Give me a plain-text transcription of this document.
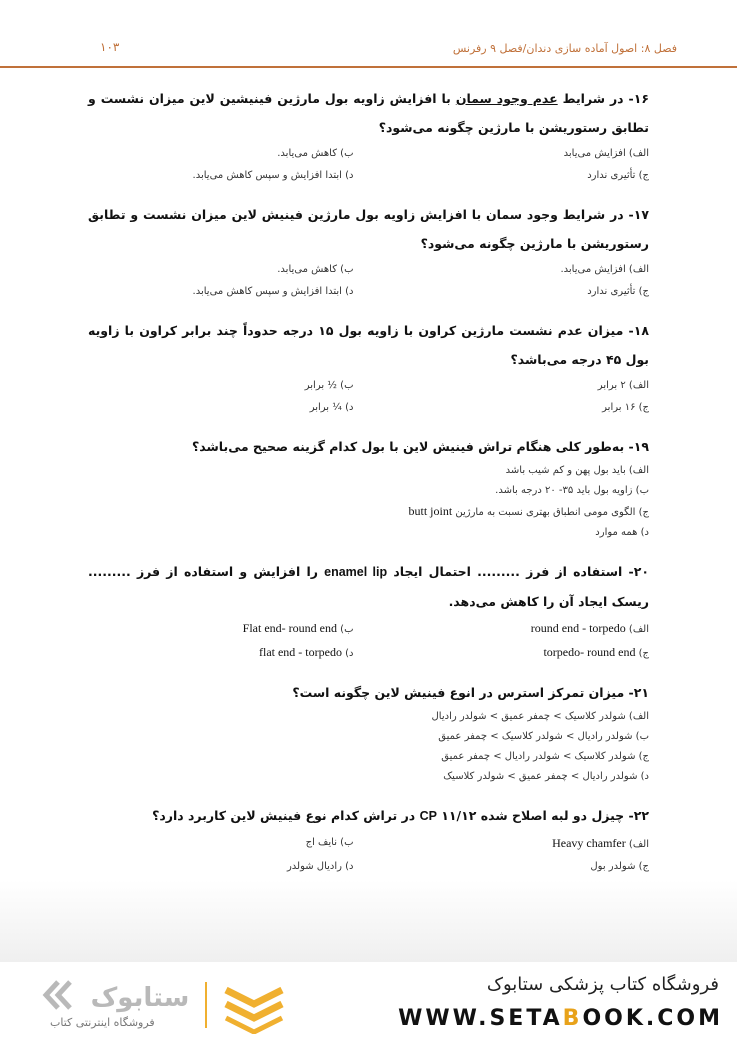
فصل ۸: اصول آماده سازی دندان/فصل ۹ رفرنس
۱۰۳
۱۶- در شرایط عدم وجود سمان با افزایش زاویه بول مارژین فینیشین لاین میزان نشست و تطابق رستوریشن با مارژین چگونه می‌شود؟
الف) افزایش می‌یابد
ب) کاهش می‌یابد.
ج) تأثیری ندارد
د) ابتدا افزایش و سپس کاهش می‌یابد.
۱۷- در شرایط وجود سمان با افزایش زاویه بول مارژین فینیش لاین میزان نشست و تطابق رستوریشن با مارژین چگونه می‌شود؟
الف) افزایش می‌یابد.
ب) کاهش می‌یابد.
ج) تأثیری ندارد
د) ابتدا افزایش و سپس کاهش می‌یابد.
۱۸- میزان عدم نشست مارژین کراون با زاویه بول ۱۵ درجه حدوداً چند برابر کراون با زاویه بول ۴۵ درجه می‌باشد؟
الف) ۲ برابر
ب) ½ برابر
ج) ۱۶ برابر
د) ¼ برابر
۱۹- به‌طور کلی هنگام تراش فینیش لاین با بول کدام گزینه صحیح می‌باشد؟
الف) باید بول پهن و کم شیب باشد
ب) زاویه بول باید ۳۵- ۲۰ درجه باشد.
ج) الگوی مومی انطباق بهتری نسبت به مارژین butt joint
د) همه موارد
۲۰- استفاده از فرز ......... احتمال ایجاد enamel lip را افزایش و استفاده از فرز ......... ریسک ایجاد آن را کاهش می‌دهد.
الف) round end - torpedo
ب) Flat end- round end
ج) torpedo- round end
د) flat end - torpedo
۲۱- میزان تمرکز استرس در انوع فینیش لاین چگونه است؟
الف) شولدر کلاسیک > چمفر عمیق > شولدر رادیال
ب) شولدر رادیال > شولدر کلاسیک > چمفر عمیق
ج) شولدر کلاسیک > شولدر رادیال > چمفر عمیق
د) شولدر رادیال > چمفر عمیق > شولدر کلاسیک
۲۲- چیزل دو لبه اصلاح شده CP ۱۱/۱۲ در تراش کدام نوع فینیش لاین کاربرد دارد؟
الف) Heavy chamfer
ب) نایف اج
ج) شولدر بول
د) رادیال شولدر
ستابوک
فروشگاه اینترنتی کتاب
فروشگاه کتاب پزشکی ستابوک
WWW.SETABOOK.COM
